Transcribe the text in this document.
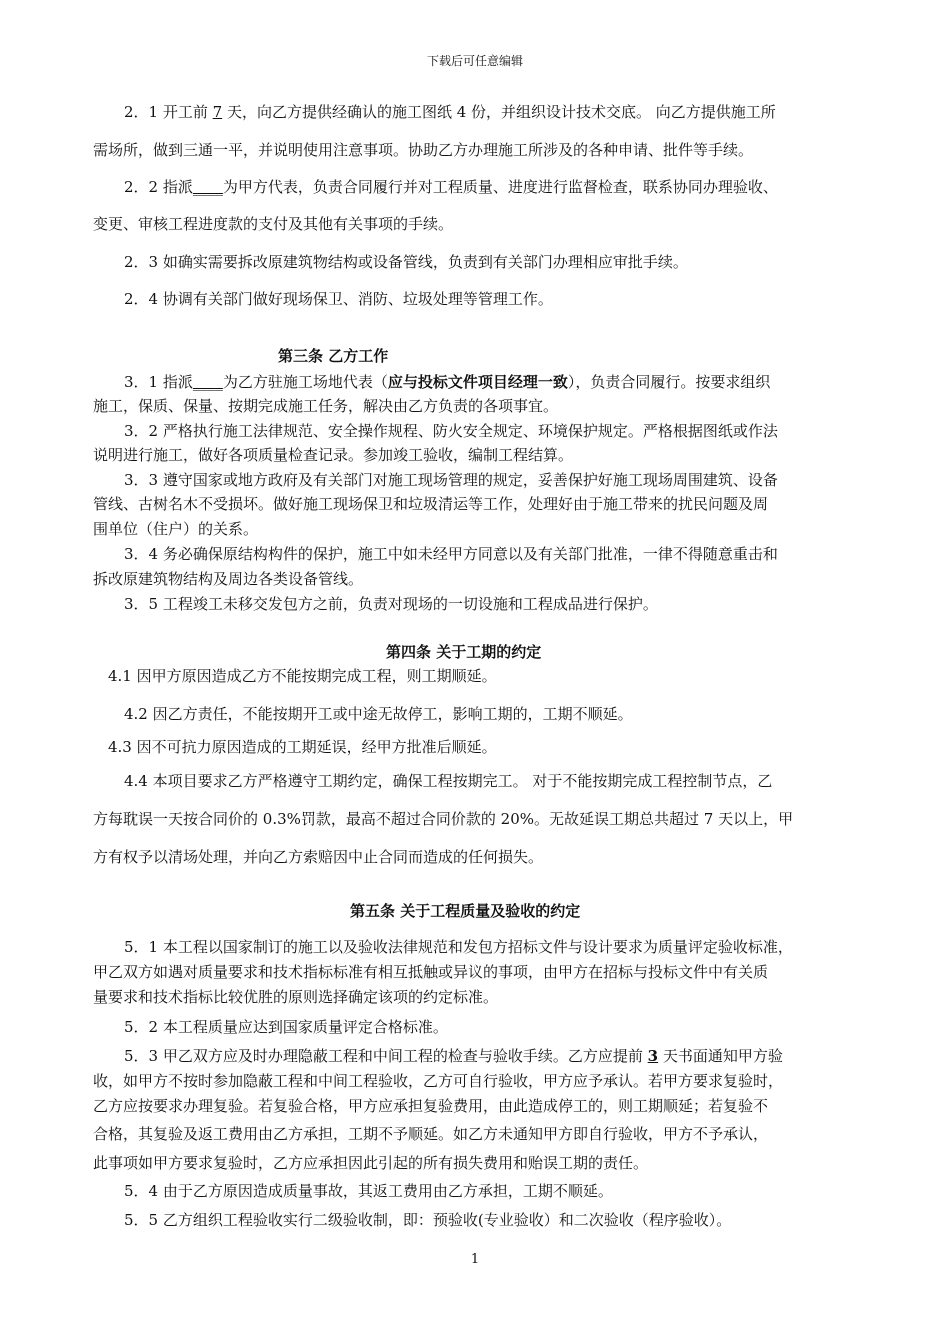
下载后可任意编辑
2．1 开工前 7 天，向乙方提供经确认的施工图纸 4 份，并组织设计技术交底。 向乙方提供施工所
需场所，做到三通一平，并说明使用注意事项。协助乙方办理施工所涉及的各种申请、批件等手续。
2．2 指派____为甲方代表，负责合同履行并对工程质量、进度进行监督检查，联系协同办理验收、
变更、审核工程进度款的支付及其他有关事项的手续。
2．3 如确实需要拆改原建筑物结构或设备管线，负责到有关部门办理相应审批手续。
2．4 协调有关部门做好现场保卫、消防、垃圾处理等管理工作。
第三条 乙方工作
3．1 指派____为乙方驻施工场地代表（应与投标文件项目经理一致），负责合同履行。按要求组织
施工，保质、保量、按期完成施工任务，解决由乙方负责的各项事宜。
3．2 严格执行施工法律规范、安全操作规程、防火安全规定、环境保护规定。严格根据图纸或作法
说明进行施工，做好各项质量检查记录。参加竣工验收，编制工程结算。
3．3 遵守国家或地方政府及有关部门对施工现场管理的规定，妥善保护好施工现场周围建筑、设备
管线、古树名木不受损坏。做好施工现场保卫和垃圾清运等工作，处理好由于施工带来的扰民问题及周
围单位（住户）的关系。
3．4 务必确保原结构构件的保护，施工中如未经甲方同意以及有关部门批准，一律不得随意重击和
拆改原建筑物结构及周边各类设备管线。
3．5 工程竣工未移交发包方之前，负责对现场的一切设施和工程成品进行保护。
第四条 关于工期的约定
4.1 因甲方原因造成乙方不能按期完成工程，则工期顺延。
4.2 因乙方责任，不能按期开工或中途无故停工，影响工期的，工期不顺延。
4.3 因不可抗力原因造成的工期延误，经甲方批准后顺延。
4.4 本项目要求乙方严格遵守工期约定，确保工程按期完工。 对于不能按期完成工程控制节点，乙
方每耽误一天按合同价的 0.3%罚款，最高不超过合同价款的 20%。无故延误工期总共超过 7 天以上，甲
方有权予以清场处理，并向乙方索赔因中止合同而造成的任何损失。
第五条 关于工程质量及验收的约定
5．1 本工程以国家制订的施工以及验收法律规范和发包方招标文件与设计要求为质量评定验收标准，
甲乙双方如遇对质量要求和技术指标标准有相互抵触或异议的事项，由甲方在招标与投标文件中有关质
量要求和技术指标比较优胜的原则选择确定该项的约定标准。
5．2 本工程质量应达到国家质量评定合格标准。
5．3 甲乙双方应及时办理隐蔽工程和中间工程的检查与验收手续。乙方应提前 3 天书面通知甲方验
收，如甲方不按时参加隐蔽工程和中间工程验收，乙方可自行验收，甲方应予承认。若甲方要求复验时，
乙方应按要求办理复验。若复验合格，甲方应承担复验费用，由此造成停工的，则工期顺延；若复验不
合格，其复验及返工费用由乙方承担，工期不予顺延。如乙方未通知甲方即自行验收，甲方不予承认，
此事项如甲方要求复验时，乙方应承担因此引起的所有损失费用和贻误工期的责任。
5．4 由于乙方原因造成质量事故，其返工费用由乙方承担，工期不顺延。
5．5 乙方组织工程验收实行二级验收制，即：预验收(专业验收）和二次验收（程序验收）。
1
